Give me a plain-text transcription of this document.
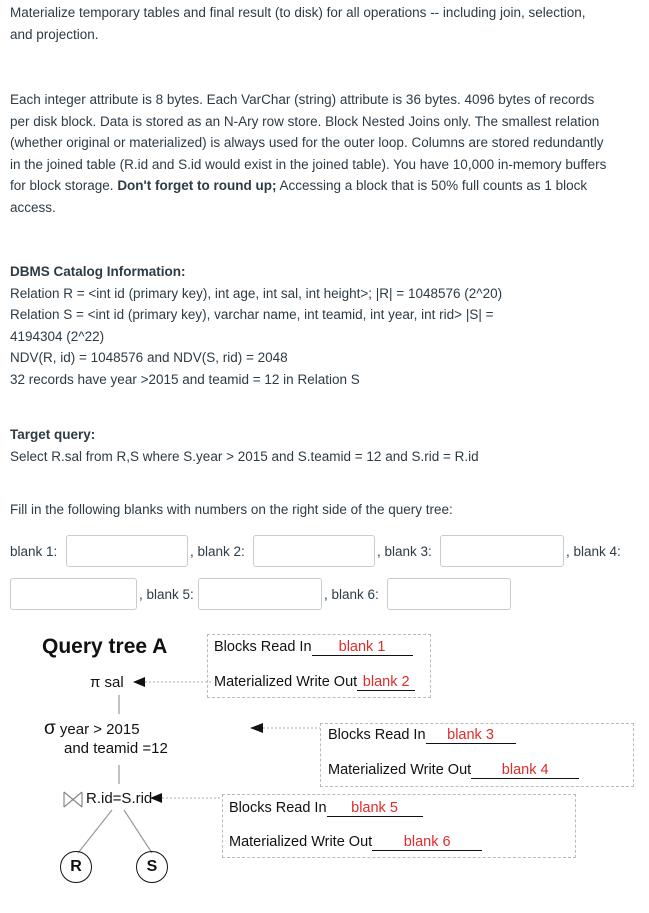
Materialize temporary tables and final result (to disk) for all operations -- including join, selection,
and projection.

Each integer attribute is 8 bytes. Each VarChar (string) attribute is 36 bytes. 4096 bytes of records
per disk block. Data is stored as an N-Ary row store. Block Nested Joins only. The smallest relation
(whether original or materialized) is always used for the outer loop. Columns are stored redundantly
in the joined table (R.id and S.id would exist in the joined table). You have 10,000 in-memory buffers
for block storage. Don't forget to round up; Accessing a block that is 50% full counts as 1 block
access.

DBMS Catalog Information:
Relation R = <int id (primary key), int age, int sal, int height>; |R| = 1048576 (2^20)
Relation S = <int id (primary key), varchar name, int teamid, int year, int rid> |S| =
4194304 (2^22)
NDV(R, id) = 1048576 and NDV(S, rid) = 2048
32 records have year >2015 and teamid = 12 in Relation S

Target query:
Select R.sal from R,S where S.year > 2015 and S.teamid = 12 and S.rid = R.id

Fill in the following blanks with numbers on the right side of the query tree:

blank 1:	, blank 2:	, blank 3:	, blank 4:
, blank 5:	, blank 6:
Query tree A
π sal
σ year > 2015
and teamid =12
R.id=S.rid
R	S
Blocks Read In blank 1
Materialized Write Out blank 2
Blocks Read In blank 3
Materialized Write Out blank 4
Blocks Read In blank 5
Materialized Write Out blank 6
